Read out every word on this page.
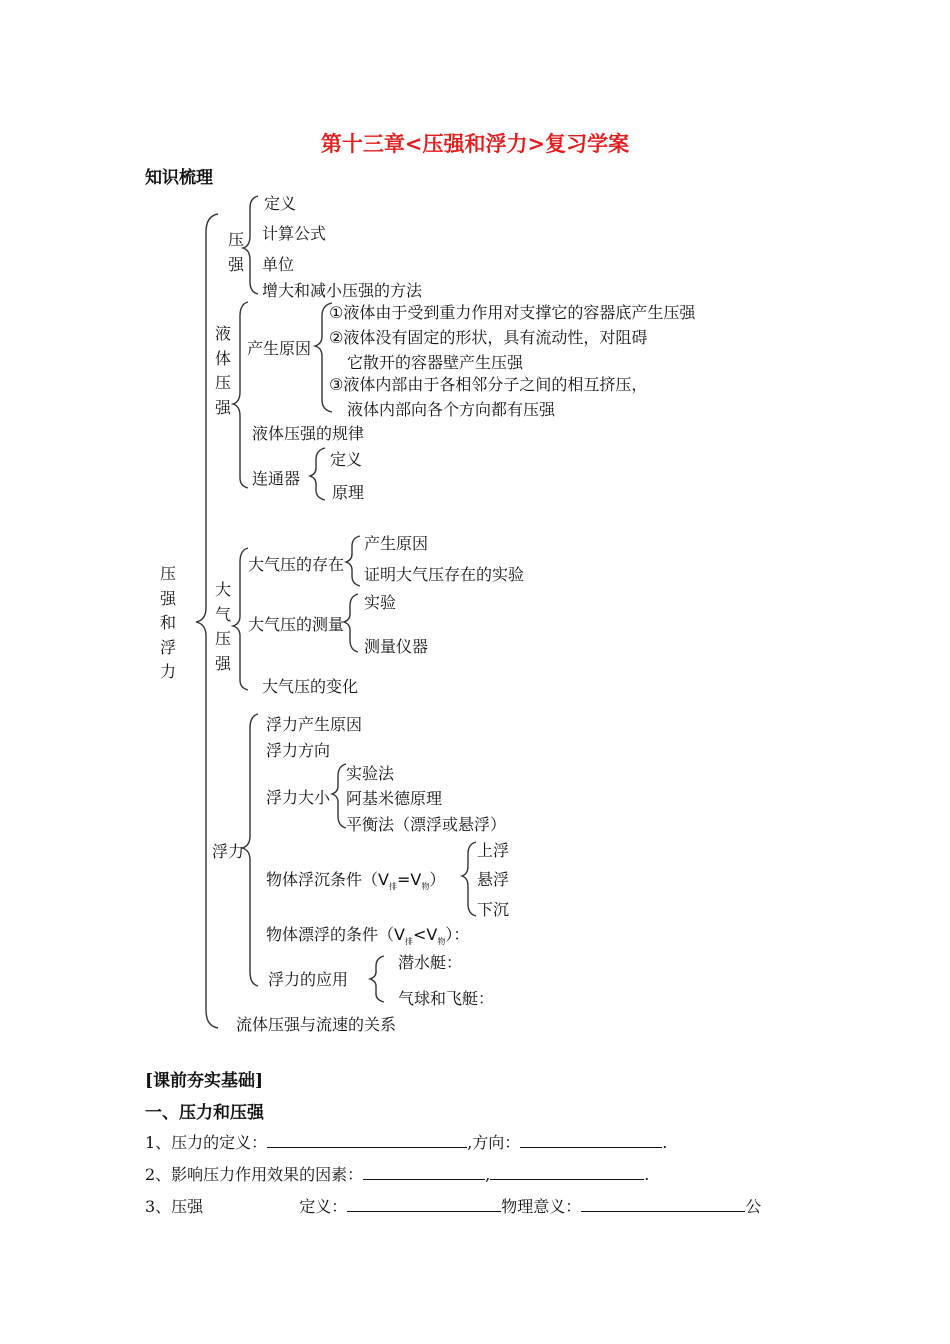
第十三章<压强和浮力>复习学案
知识梳理
压强和浮力
压强
定义
计算公式
单位
增大和减小压强的方法
液体压强
产生原因
①液体由于受到重力作用对支撑它的容器底产生压强
②液体没有固定的形状，具有流动性，对阻碍
它散开的容器壁产生压强
③液体内部由于各相邻分子之间的相互挤压，
液体内部向各个方向都有压强
液体压强的规律
连通器
定义
原理
大气压强
大气压的存在
产生原因
证明大气压存在的实验
大气压的测量
实验
测量仪器
大气压的变化
浮力
浮力产生原因
浮力方向
浮力大小
实验法
阿基米德原理
平衡法（漂浮或悬浮）
物体浮沉条件$(V_排=V_物)$
上浮
悬浮
下沉
物体漂浮的条件$(V_排<V_物)$：
浮力的应用
潜水艇：
气球和飞艇：
流体压强与流速的关系
[课前夯实基础]
一、压力和压强
1、压力的定义：	,方向：	.
2、影响压力作用效果的因素：	,	.
3、压强	定义：	物理意义：	公
